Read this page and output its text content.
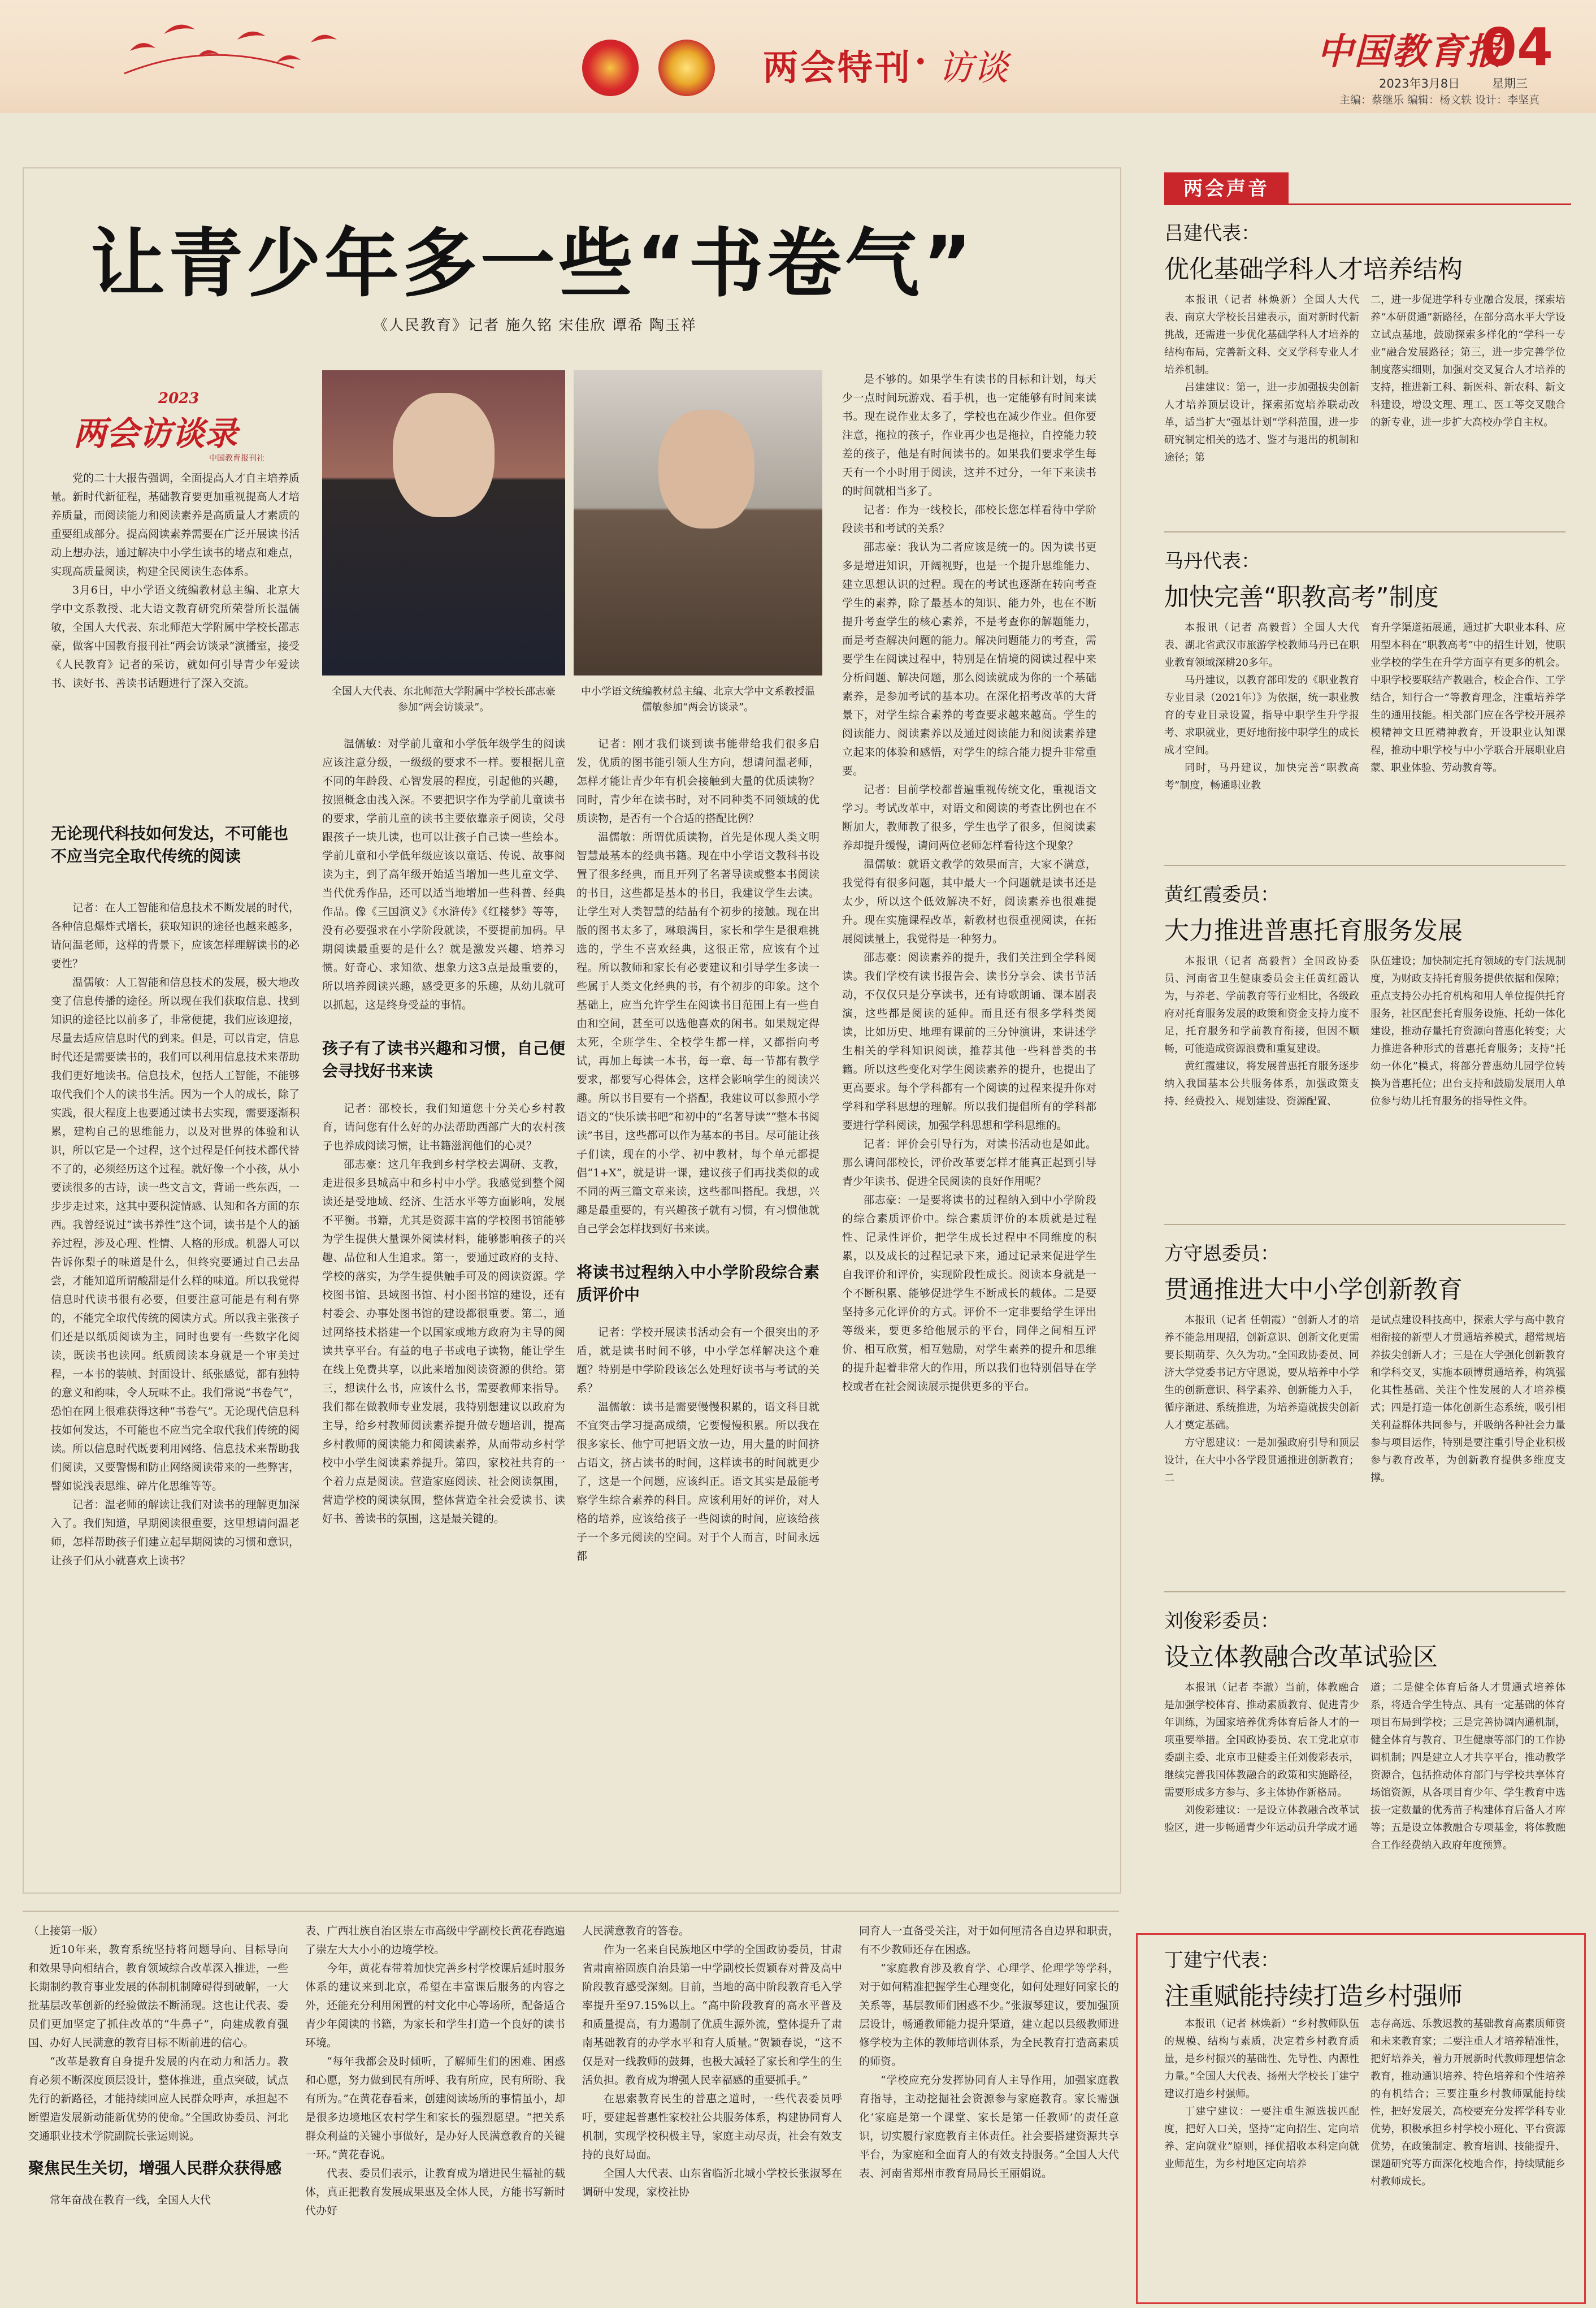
两会特刊 · 访谈	中国教育报
04
2023年3月8日	星期三
主编：蔡继乐 编辑：杨文轶 设计：李坚真
让青少年多一些“书卷气”
《人民教育》记者 施久铭 宋佳欣 谭希 陶玉祥
2023
两会访谈录
中国教育报刊社

党的二十大报告强调，全面提高人才自主培养质量。新时代新征程，基础教育要更加重视提高人才培养质量，而阅读能力和阅读素养是高质量人才素质的重要组成部分。提高阅读素养需要在广泛开展读书活动上想办法，通过解决中小学生读书的堵点和难点，实现高质量阅读，构建全民阅读生态体系。

3月6日，中小学语文统编教材总主编、北京大学中文系教授、北大语文教育研究所荣誉所长温儒敏，全国人大代表、东北师范大学附属中学校长邵志豪，做客中国教育报刊社“两会访谈录”演播室，接受《人民教育》记者的采访，就如何引导青少年爱读书、读好书、善读书话题进行了深入交流。

全国人大代表、东北师范大学附属中学校长邵志豪参加“两会访谈录”。
中小学语文统编教材总主编、北京大学中文系教授温儒敏参加“两会访谈录”。
无论现代科技如何发达，不可能也不应当完全取代传统的阅读

记者：在人工智能和信息技术不断发展的时代，各种信息爆炸式增长，获取知识的途径也越来越多，请问温老师，这样的背景下，应该怎样理解读书的必要性？

温儒敏：人工智能和信息技术的发展，极大地改变了信息传播的途径。所以现在我们获取信息、找到知识的途径比以前多了，非常便捷，我们应该迎接，尽量去适应信息时代的到来。但是，可以肯定，信息时代还是需要读书的，我们可以利用信息技术来帮助我们更好地读书。信息技术，包括人工智能，不能够取代我们个人的读书生活。因为一个人的成长，除了实践，很大程度上也要通过读书去实现，需要逐渐积累，建构自己的思维能力，以及对世界的体验和认识，所以它是一个过程，这个过程是任何技术都代替不了的，必须经历这个过程。就好像一个小孩，从小要读很多的古诗，读一些文言文，背诵一些东西，一步步走过来，这其中要积淀情感、认知和各方面的东西。我曾经说过“读书养性”这个词，读书是个人的涵养过程，涉及心理、性情、人格的形成。机器人可以告诉你梨子的味道是什么，但终究要通过自己去品尝，才能知道所谓酸甜是什么样的味道。所以我觉得信息时代读书很有必要，但要注意可能是有利有弊的，不能完全取代传统的阅读方式。所以我主张孩子们还是以纸质阅读为主，同时也要有一些数字化阅读，既读书也读网。纸质阅读本身就是一个审美过程，一本书的装帧、封面设计、纸张感觉，都有独特的意义和韵味，令人玩味不止。我们常说“书卷气”，恐怕在网上很难获得这种“书卷气”。无论现代信息科技如何发达，不可能也不应当完全取代我们传统的阅读。所以信息时代既要利用网络、信息技术来帮助我们阅读，又要警惕和防止网络阅读带来的一些弊害，譬如说浅表思维、碎片化思维等等。

记者：温老师的解读让我们对读书的理解更加深入了。我们知道，早期阅读很重要，这里想请问温老师，怎样帮助孩子们建立起早期阅读的习惯和意识，让孩子们从小就喜欢上读书？

温儒敏：对学前儿童和小学低年级学生的阅读应该注意分级，一级级的要求不一样。要根据儿童不同的年龄段、心智发展的程度，引起他的兴趣，按照概念由浅入深。不要把识字作为学前儿童读书的要求，学前儿童的读书主要依靠亲子阅读，父母跟孩子一块儿读，也可以让孩子自己读一些绘本。学前儿童和小学低年级应该以童话、传说、故事阅读为主，到了高年级开始适当增加一些儿童文学、当代优秀作品，还可以适当地增加一些科普、经典作品。像《三国演义》《水浒传》《红楼梦》等等，没有必要强求在小学阶段就读，不要提前加码。早期阅读最重要的是什么？就是激发兴趣、培养习惯。好奇心、求知欲、想象力这3点是最重要的，所以培养阅读兴趣，感受更多的乐趣，从幼儿就可以抓起，这是终身受益的事情。

孩子有了读书兴趣和习惯，自己便会寻找好书来读

记者：邵校长，我们知道您十分关心乡村教育，请问您有什么好的办法帮助西部广大的农村孩子也养成阅读习惯，让书籍滋润他们的心灵？

邵志豪：这几年我到乡村学校去调研、支教，走进很多县城高中和乡村中小学。我感觉到整个阅读还是受地域、经济、生活水平等方面影响，发展不平衡。书籍，尤其是资源丰富的学校图书馆能够为学生提供大量课外阅读材料，能够影响孩子的兴趣、品位和人生追求。第一，要通过政府的支持、学校的落实，为学生提供触手可及的阅读资源。学校图书馆、县域图书馆、村小图书馆的建设，还有村委会、办事处图书馆的建设都很重要。第二，通过网络技术搭建一个以国家或地方政府为主导的阅读共享平台。有益的电子书或电子读物，能让学生在线上免费共享，以此来增加阅读资源的供给。第三，想读什么书，应该什么书，需要教师来指导。我们都在做教师专业发展，我特别想建议以政府为主导，给乡村教师阅读素养提升做专题培训，提高乡村教师的阅读能力和阅读素养，从而带动乡村学校中小学生阅读素养提升。第四，家校社共育的一个着力点是阅读。营造家庭阅读、社会阅读氛围，营造学校的阅读氛围，整体营造全社会爱读书、读好书、善读书的氛围，这是最关键的。

记者：刚才我们谈到读书能带给我们很多启发，优质的图书能引领人生方向，想请问温老师，怎样才能让青少年有机会接触到大量的优质读物？同时，青少年在读书时，对不同种类不同领域的优质读物，是否有一个合适的搭配比例？

温儒敏：所谓优质读物，首先是体现人类文明智慧最基本的经典书籍。现在中小学语文教科书设置了很多经典，而且开列了名著导读或整本书阅读的书目，这些都是基本的书目，我建议学生去读。让学生对人类智慧的结晶有个初步的接触。现在出版的图书太多了，琳琅满目，家长和学生是很难挑选的，学生不喜欢经典，这很正常，应该有个过程。所以教师和家长有必要建议和引导学生多读一些属于人类文化经典的书，有个初步的印象。这个基础上，应当允许学生在阅读书目范围上有一些自由和空间，甚至可以选他喜欢的闲书。如果规定得太死，全班学生、全校学生都一样，又都指向考试，再加上每读一本书，每一章、每一节都有教学要求，都要写心得体会，这样会影响学生的阅读兴趣。所以书目要有一个搭配，我建议可以参照小学语文的“快乐读书吧”和初中的“名著导读”“整本书阅读”书目，这些都可以作为基本的书目。尽可能让孩子们读，现在的小学、初中教材，每个单元都提倡“1+X”，就是讲一课，建议孩子们再找类似的或不同的两三篇文章来读，这些都叫搭配。我想，兴趣是最重要的，有兴趣孩子就有习惯，有习惯他就自己学会怎样找到好书来读。

将读书过程纳入中小学阶段综合素质评价中

记者：学校开展读书活动会有一个很突出的矛盾，就是读书时间不够，中小学怎样解决这个难题？特别是中学阶段该怎么处理好读书与考试的关系？

温儒敏：读书是需要慢慢积累的，语文科目就不宜突击学习提高成绩，它要慢慢积累。所以我在很多家长、他宁可把语文放一边，用大量的时间挤占语文，挤占读书的时间，这样读书的时间就更少了，这是一个问题，应该纠正。语文其实是最能考察学生综合素养的科目。应该利用好的评价，对人格的培养，应该给孩子一些阅读的时间，应该给孩子一个多元阅读的空间。对于个人而言，时间永远都

是不够的。如果学生有读书的目标和计划，每天少一点时间玩游戏、看手机，也一定能够有时间来读书。现在说作业太多了，学校也在减少作业。但你要注意，拖拉的孩子，作业再少也是拖拉，自控能力较差的孩子，他是有时间读书的。如果我们要求学生每天有一个小时用于阅读，这并不过分，一年下来读书的时间就相当多了。

记者：作为一线校长，邵校长您怎样看待中学阶段读书和考试的关系？

邵志豪：我认为二者应该是统一的。因为读书更多是增进知识，开阔视野，也是一个提升思维能力、建立思想认识的过程。现在的考试也逐渐在转向考查学生的素养，除了最基本的知识、能力外，也在不断提升考查学生的核心素养，不是考查你的解题能力，而是考查解决问题的能力。解决问题能力的考查，需要学生在阅读过程中，特别是在情境的阅读过程中来分析问题、解决问题，那么阅读就成为你的一个基础素养，是参加考试的基本功。在深化招考改革的大背景下，对学生综合素养的考查要求越来越高。学生的阅读能力、阅读素养以及通过阅读能力和阅读素养建立起来的体验和感悟，对学生的综合能力提升非常重要。

记者：目前学校都普遍重视传统文化，重视语文学习。考试改革中，对语文和阅读的考查比例也在不断加大，教师教了很多，学生也学了很多，但阅读素养却提升缓慢，请问两位老师怎样看待这个现象？

温儒敏：就语文教学的效果而言，大家不满意，我觉得有很多问题，其中最大一个问题就是读书还是太少，所以这个低效解决不好，阅读素养也很难提升。现在实施课程改革，新教材也很重视阅读，在拓展阅读量上，我觉得是一种努力。

邵志豪：阅读素养的提升，我们关注到全学科阅读。我们学校有读书报告会、读书分享会、读书节活动，不仅仅只是分享读书，还有诗歌朗诵、课本剧表演，这些都是阅读的延伸。而且还有很多学科类阅读，比如历史、地理有课前的三分钟演讲，来讲述学生相关的学科知识阅读，推荐其他一些科普类的书籍。所以这些变化对学生阅读素养的提升，也提出了更高要求。每个学科都有一个阅读的过程来提升你对学科和学科思想的理解。所以我们提倡所有的学科都要进行学科阅读，加强学科思想和学科思维的。

记者：评价会引导行为，对读书活动也是如此。那么请问邵校长，评价改革要怎样才能真正起到引导青少年读书、促进全民阅读的良好作用呢？

邵志豪：一是要将读书的过程纳入到中小学阶段的综合素质评价中。综合素质评价的本质就是过程性、记录性评价，把学生成长过程中不同维度的积累，以及成长的过程记录下来，通过记录来促进学生自我评价和评价，实现阶段性成长。阅读本身就是一个不断积累、能够促进学生不断成长的载体。二是要坚持多元化评价的方式。评价不一定非要给学生评出等级来，要更多给他展示的平台，同伴之间相互评价、相互欣赏，相互勉励，对学生素养的提升和思维的提升起着非常大的作用，所以我们也特别倡导在学校或者在社会阅读展示提供更多的平台。

（上接第一版）

近10年来，教育系统坚持将问题导向、目标导向和效果导向相结合，教育领域综合改革深入推进，一些长期制约教育事业发展的体制机制障碍得到破解，一大批基层改革创新的经验做法不断涌现。这也让代表、委员们更加坚定了抓住改革的“牛鼻子”，向建成教育强国、办好人民满意的教育目标不断前进的信心。

“改革是教育自身提升发展的内在动力和活力。教育必须不断深度顶层设计，整体推进，重点突破，试点先行的新路径，才能持续回应人民群众呼声，承担起不断塑造发展新动能新优势的使命。”全国政协委员、河北交通职业技术学院副院长张运则说。

聚焦民生关切，增强人民群众获得感

常年奋战在教育一线，全国人大代

表、广西壮族自治区崇左市高级中学副校长黄花春跑遍了崇左大大小小的边境学校。

今年，黄花春带着加快完善乡村学校课后延时服务体系的建议来到北京，希望在丰富课后服务的内容之外，还能充分利用闲置的村文化中心等场所，配备适合青少年阅读的书籍，为家长和学生打造一个良好的读书环境。

“每年我都会及时倾听，了解师生们的困难、困惑和心愿，努力做到民有所呼、我有所应，民有所盼、我有所为。”在黄花春看来，创建阅读场所的事情虽小，却是很多边境地区农村学生和家长的强烈愿望。“把关系群众利益的关键小事做好，是办好人民满意教育的关键一环。”黄花春说。

代表、委员们表示，让教育成为增进民生福祉的载体，真正把教育发展成果惠及全体人民，方能书写新时代办好

人民满意教育的答卷。

作为一名来自民族地区中学的全国政协委员，甘肃省肃南裕固族自治县第一中学副校长贺颖春对普及高中阶段教育感受深刻。目前，当地的高中阶段教育毛入学率提升至97.15%以上。“高中阶段教育的高水平普及和质量提高，有力遏制了优质生源外流，整体提升了肃南基础教育的办学水平和育人质量。”贺颖春说，“这不仅是对一线教师的鼓舞，也极大减轻了家长和学生的生活负担。教育成为增强人民幸福感的重要抓手。”

在思索教育民生的普惠之道时，一些代表委员呼吁，要建起普惠性家校社公共服务体系，构建协同育人机制，实现学校积极主导，家庭主动尽责，社会有效支持的良好局面。

全国人大代表、山东省临沂北城小学校长张淑琴在调研中发现，家校社协

同育人一直备受关注，对于如何厘清各自边界和职责，有不少教师还存在困惑。

“家庭教育涉及教育学、心理学、伦理学等学科，对于如何精准把握学生心理变化，如何处理好同家长的关系等，基层教师们困惑不少。”张淑琴建议，要加强顶层设计，畅通教师能力提升渠道，建立起以县级教师进修学校为主体的教师培训体系，为全民教育打造高素质的师资。

“学校应充分发挥协同育人主导作用，加强家庭教育指导，主动挖掘社会资源参与家庭教育。家长需强化‘家庭是第一个课堂、家长是第一任教师’的责任意识，切实履行家庭教育主体责任。社会要搭建资源共享平台，为家庭和全面育人的有效支持服务。”全国人大代表、河南省郑州市教育局局长王丽娟说。

两会声音
吕建代表：
优化基础学科人才培养结构

本报讯（记者 林焕新）全国人大代表、南京大学校长吕建表示，面对新时代新挑战，还需进一步优化基础学科人才培养的结构布局，完善新文科、交叉学科专业人才培养机制。

吕建建议：第一，进一步加强拔尖创新人才培养顶层设计，探索拓宽培养联动改革，适当扩大“强基计划”学科范围，进一步研究制定相关的选才、鉴才与退出的机制和途径；第

二，进一步促进学科专业融合发展，探索培养“本研贯通”新路径，在部分高水平大学设立试点基地，鼓励探索多样化的“学科一专业”融合发展路径；第三，进一步完善学位制度落实细则，加强对交叉复合人才培养的支持，推进新工科、新医科、新农科、新文科建设，增设文理、理工、医工等交叉融合的新专业，进一步扩大高校办学自主权。

马丹代表：
加快完善“职教高考”制度

本报讯（记者 高毅哲）全国人大代表、湖北省武汉市旅游学校教师马丹已在职业教育领域深耕20多年。

马丹建议，以教育部印发的《职业教育专业目录（2021年）》为依据，统一职业教育的专业目录设置，指导中职学生升学报考、求职就业，更好地衔接中职学生的成长成才空间。

同时，马丹建议，加快完善“职教高考”制度，畅通职业教

育升学渠道拓展通，通过扩大职业本科、应用型本科在“职教高考”中的招生计划，使职业学校的学生在升学方面享有更多的机会。中职学校要联结产教融合，校企合作、工学结合，知行合一”等教育理念，注重培养学生的通用技能。相关部门应在各学校开展养模精神文旦匠精神教育，开设职业认知课程，推动中职学校与中小学联合开展职业启蒙、职业体验、劳动教育等。

黄红霞委员：
大力推进普惠托育服务发展

本报讯（记者 高毅哲）全国政协委员、河南省卫生健康委员会主任黄红霞认为，与养老、学前教育等行业相比，各级政府对托育服务发展的政策和资金支持力度不足，托育服务和学前教育衔接，但因不顺畅，可能造成资源浪费和重复建设。

黄红霞建议，将发展普惠托育服务逐步纳入我国基本公共服务体系，加强政策支持、经费投入、规划建设、资源配置、

队伍建设；加快制定托育领域的专门法规制度，为财政支持托育服务提供依据和保障；重点支持公办托育机构和用人单位提供托育服务，社区配套托育服务设施、托幼一体化建设，推动存量托育资源向普惠化转变；大力推进各种形式的普惠托育服务；支持“托幼一体化”模式，将部分普惠幼儿园学位转换为普惠托位；出台支持和鼓励发展用人单位参与幼儿托育服务的指导性文件。

方守恩委员：
贯通推进大中小学创新教育

本报讯（记者 任朝霞）“创新人才的培养不能急用现招，创新意识、创新文化更需要长期萌芽、久久为功。”全国政协委员、同济大学党委书记方守恩说，要从培养中小学生的创新意识、科学素养、创新能力入手，循序渐进、系统推进，为培养造就拔尖创新人才奠定基础。

方守恩建议：一是加强政府引导和顶层设计，在大中小各学段贯通推进创新教育；二

是试点建设科技高中，探索大学与高中教育相衔接的新型人才贯通培养模式，超常规培养拔尖创新人才；三是在大学强化创新教育和学科交叉，实施本硕博贯通培养，构筑强化其性基础、关注个性发展的人才培养模式；四是打造一体化创新生态系统，吸引相关利益群体共同参与，并吸纳各种社会力量参与项目运作，特别是要注重引导企业积极参与教育改革，为创新教育提供多维度支撑。

刘俊彩委员：
设立体教融合改革试验区

本报讯（记者 李澈）当前，体教融合是加强学校体育、推动素质教育、促进青少年训练，为国家培养优秀体育后备人才的一项重要举措。全国政协委员、农工党北京市委副主委、北京市卫健委主任刘俊彩表示，继续完善我国体教融合的政策和实施路径，需要形成多方参与、多主体协作新格局。

刘俊彩建议：一是设立体教融合改革试验区，进一步畅通青少年运动员升学成才通

道；二是健全体育后备人才贯通式培养体系，将适合学生特点、具有一定基础的体育项目布局到学校；三是完善协调内通机制，健全体育与教育、卫生健康等部门的工作协调机制；四是建立人才共享平台，推动教学资源合，包括推动体育部门与学校共享体育场馆资源，从各项目育少年、学生教育中选拔一定数量的优秀苗子构建体育后备人才库等；五是设立体教融合专项基金，将体教融合工作经费纳入政府年度预算。

丁建宁代表：
注重赋能持续打造乡村强师

本报讯（记者 林焕新）“乡村教师队伍的规模、结构与素质，决定着乡村教育质量，是乡村振兴的基础性、先导性、内源性力量。”全国人大代表、扬州大学校长丁建宁建议打造乡村强师。

丁建宁建议：一要注重生源选拔匹配度，把好入口关，坚持“定向招生、定向培养、定向就业”原则，择优招收本科定向就业师范生，为乡村地区定向培养

志存高远、乐教迟教的基础教育高素质师资和未来教育家；二要注重人才培养精准性，把好培养关，着力开展新时代教师理想信念教育，推动通识培养、特色培养和个性培养的有机结合；三要注重乡村教师赋能持续性，把好发展关，高校要充分发挥学科专业优势，积极承担乡村学校小班化、平台资源优势，在政策制定、教育培训、技能提升、课题研究等方面深化校地合作，持续赋能乡村教师成长。
